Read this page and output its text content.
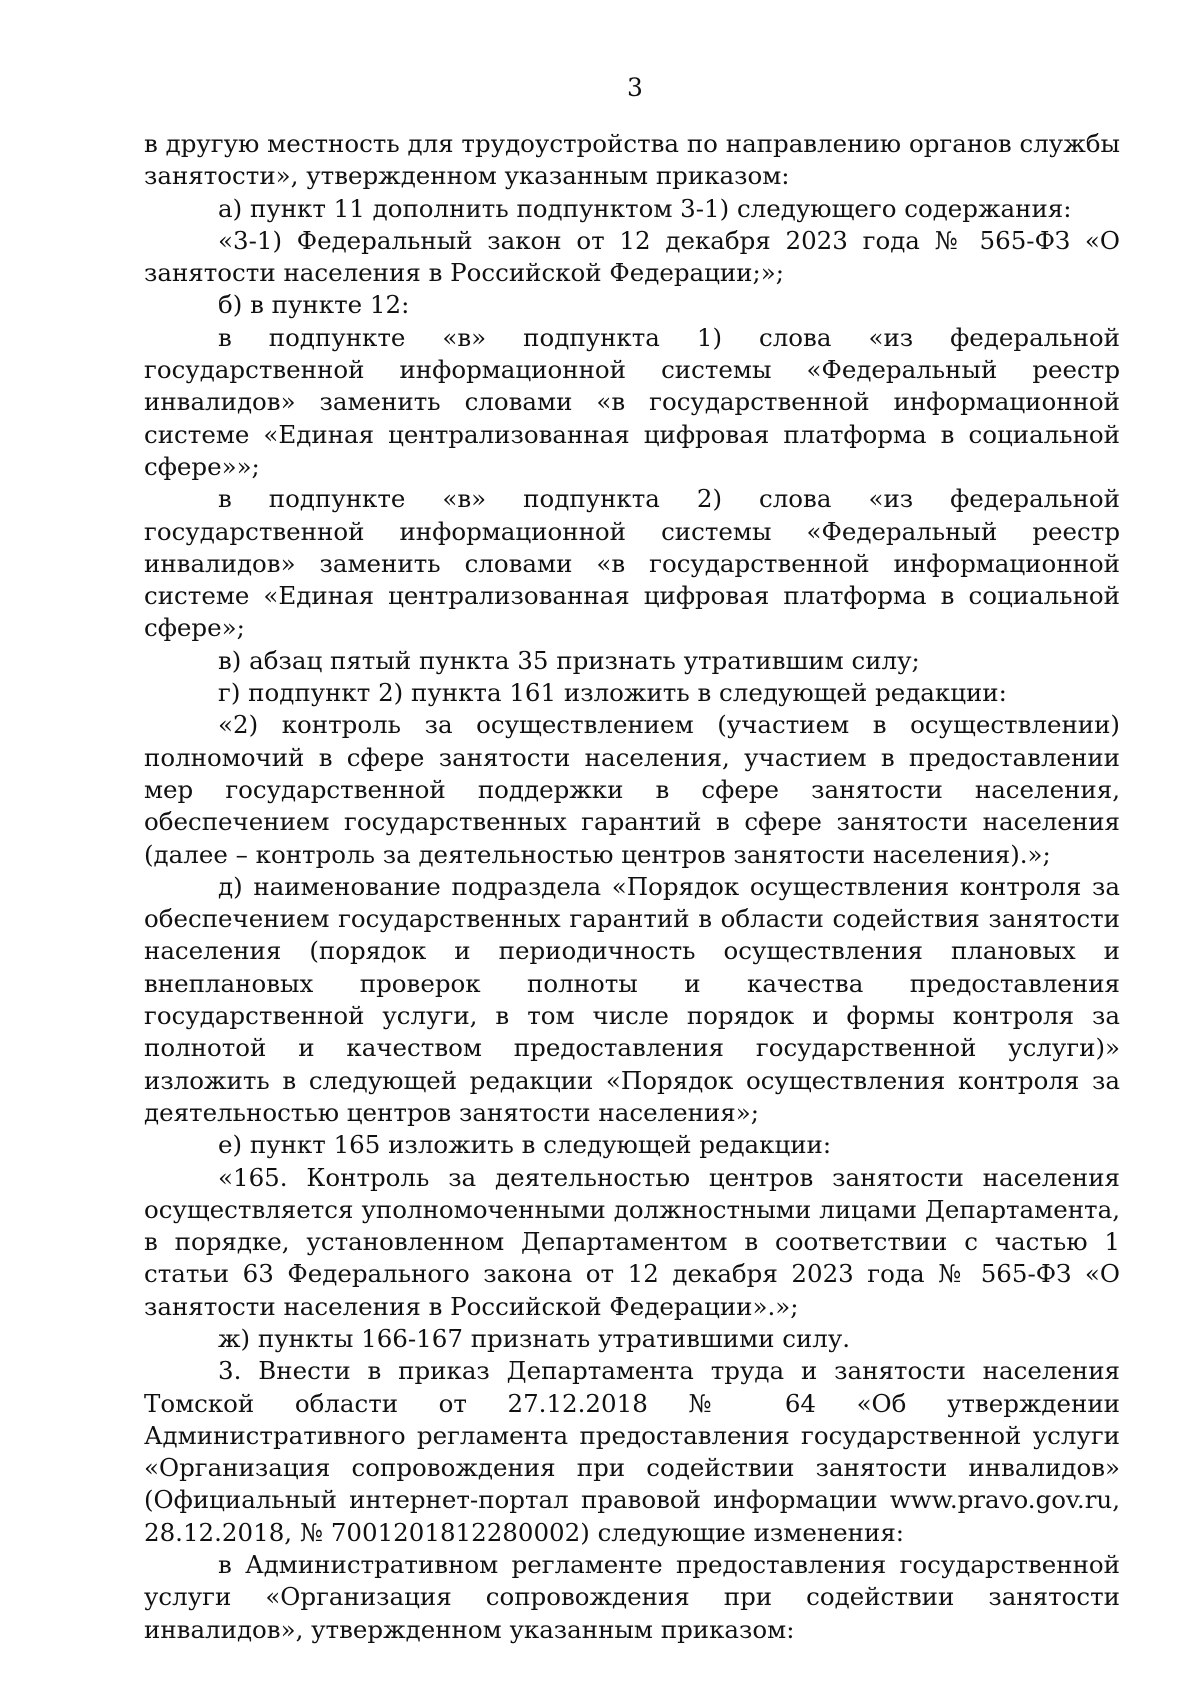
3

в другую местность для трудоустройства по направлению органов службы занятости», утвержденном указанным приказом:

а) пункт 11 дополнить подпунктом 3-1) следующего содержания:

«3-1) Федеральный закон от 12 декабря 2023 года № 565-ФЗ «О занятости населения в Российской Федерации;»;

б) в пункте 12:

в подпункте «в» подпункта 1) слова «из федеральной государственной информационной системы «Федеральный реестр инвалидов» заменить словами «в государственной информационной системе «Единая централизованная цифровая платформа в социальной сфере»»;

в подпункте «в» подпункта 2) слова «из федеральной государственной информационной системы «Федеральный реестр инвалидов» заменить словами «в государственной информационной системе «Единая централизованная цифровая платформа в социальной сфере»;

в) абзац пятый пункта 35 признать утратившим силу;

г) подпункт 2) пункта 161 изложить в следующей редакции:

«2) контроль за осуществлением (участием в осуществлении) полномочий в сфере занятости населения, участием в предоставлении мер государственной поддержки в сфере занятости населения, обеспечением государственных гарантий в сфере занятости населения (далее – контроль за деятельностью центров занятости населения).»;

д) наименование подраздела «Порядок осуществления контроля за обеспечением государственных гарантий в области содействия занятости населения (порядок и периодичность осуществления плановых и внеплановых проверок полноты и качества предоставления государственной услуги, в том числе порядок и формы контроля за полнотой и качеством предоставления государственной услуги)» изложить в следующей редакции «Порядок осуществления контроля за деятельностью центров занятости населения»;

е) пункт 165 изложить в следующей редакции:

«165. Контроль за деятельностью центров занятости населения осуществляется уполномоченными должностными лицами Департамента, в порядке, установленном Департаментом в соответствии с частью 1 статьи 63 Федерального закона от 12 декабря 2023 года № 565-ФЗ «О занятости населения в Российской Федерации».»;

ж) пункты 166-167 признать утратившими силу.

3. Внести в приказ Департамента труда и занятости населения Томской области от 27.12.2018 № 64 «Об утверждении Административного регламента предоставления государственной услуги «Организация сопровождения при содействии занятости инвалидов» (Официальный интернет-портал правовой информации www.pravo.gov.ru, 28.12.2018, № 7001201812280002) следующие изменения:

в Административном регламенте предоставления государственной услуги «Организация сопровождения при содействии занятости инвалидов», утвержденном указанным приказом:
